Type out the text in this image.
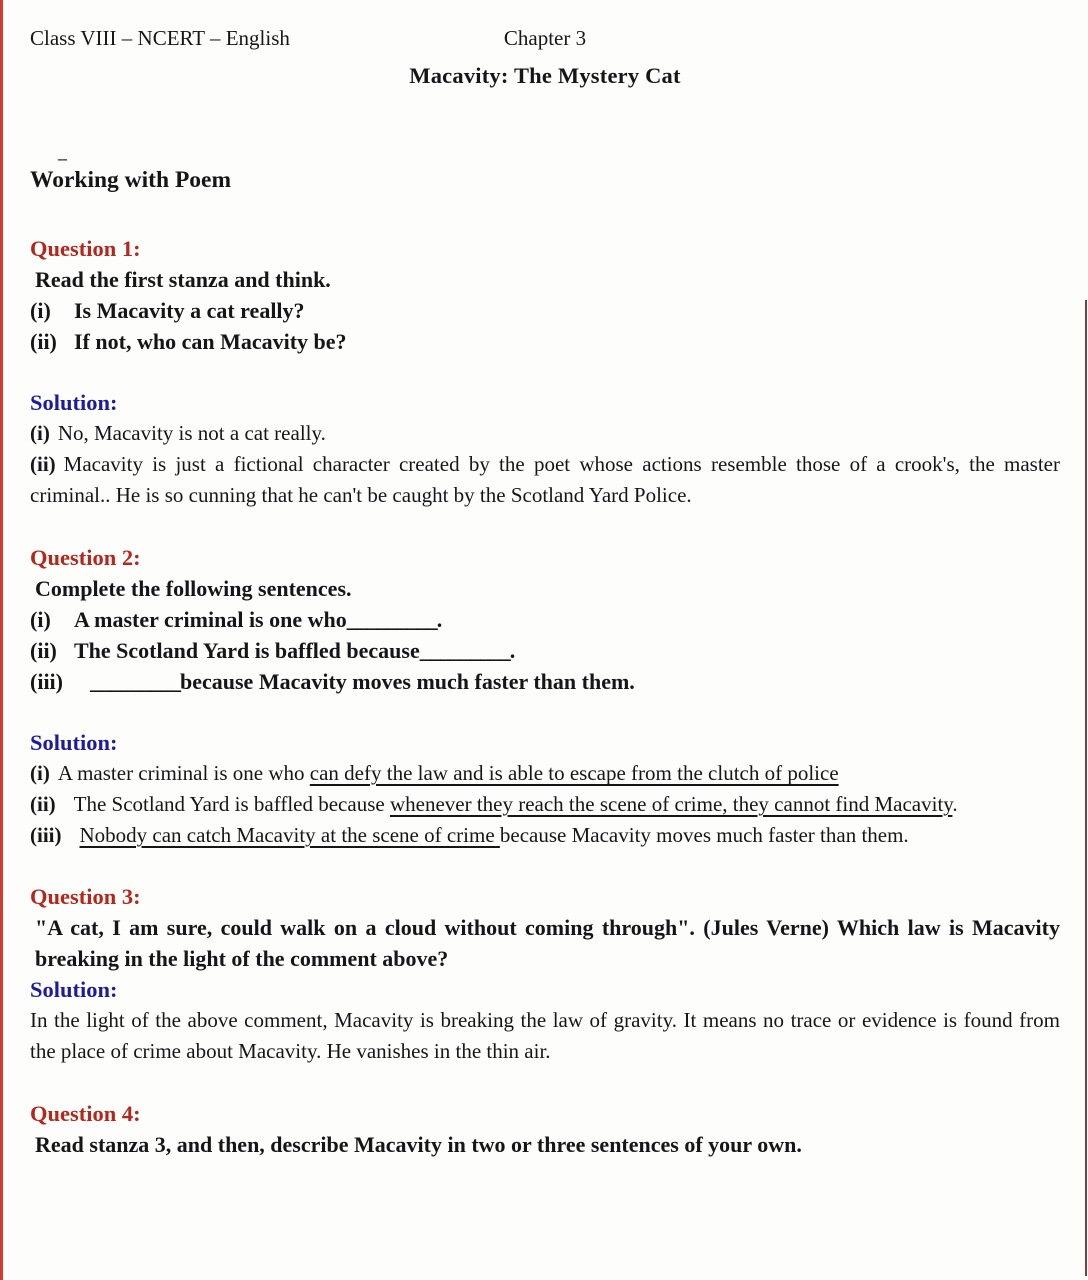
Class VIII – NCERT – English	Chapter 3
Macavity: The Mystery Cat
–
Working with Poem

Question 1:

Read the first stanza and think.

(i) Is Macavity a cat really?

(ii) If not, who can Macavity be?

Solution:

(i) No, Macavity is not a cat really.

(ii) Macavity is just a fictional character created by the poet whose actions resemble those of a crook's, the master criminal.. He is so cunning that he can't be caught by the Scotland Yard Police.

Question 2:

Complete the following sentences.

(i) A master criminal is one who_________.

(ii) The Scotland Yard is baffled because_________.

(iii) _________because Macavity moves much faster than them.

Solution:

(i) A master criminal is one who can defy the law and is able to escape from the clutch of police

(ii) The Scotland Yard is baffled because whenever they reach the scene of crime, they cannot find Macavity.

(iii) Nobody can catch Macavity at the scene of crime because Macavity moves much faster than them.

Question 3:

"A cat, I am sure, could walk on a cloud without coming through". (Jules Verne) Which law is Macavity breaking in the light of the comment above?

Solution:

In the light of the above comment, Macavity is breaking the law of gravity. It means no trace or evidence is found from the place of crime about Macavity. He vanishes in the thin air.

Question 4:

Read stanza 3, and then, describe Macavity in two or three sentences of your own.
